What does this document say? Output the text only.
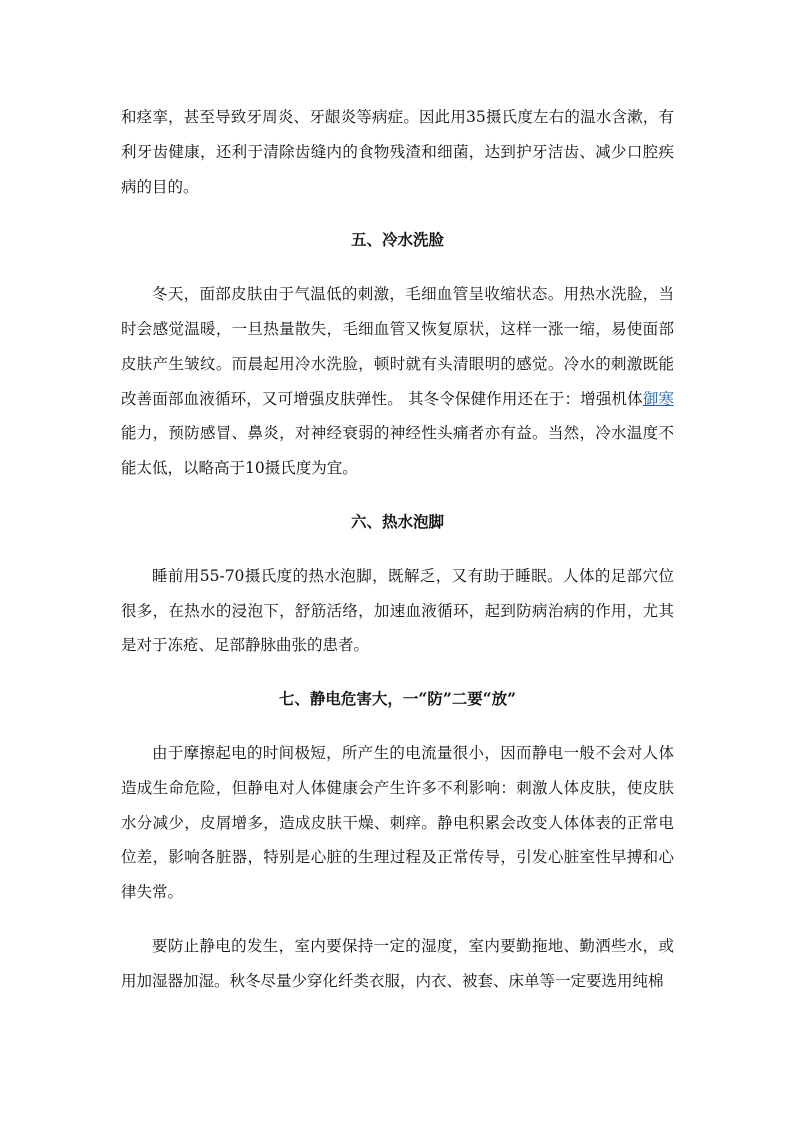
和痉挛，甚至导致牙周炎、牙龈炎等病症。因此用35摄氏度左右的温水含漱，有利牙齿健康，还利于清除齿缝内的食物残渣和细菌，达到护牙洁齿、减少口腔疾病的目的。

五、冷水洗脸

冬天，面部皮肤由于气温低的刺激，毛细血管呈收缩状态。用热水洗脸，当时会感觉温暖，一旦热量散失，毛细血管又恢复原状，这样一涨一缩，易使面部皮肤产生皱纹。而晨起用冷水洗脸，顿时就有头清眼明的感觉。冷水的刺激既能改善面部血液循环，又可增强皮肤弹性。 其冬令保健作用还在于：增强机体御寒能力，预防感冒、鼻炎，对神经衰弱的神经性头痛者亦有益。当然，冷水温度不能太低，以略高于10摄氏度为宜。

六、热水泡脚

睡前用55-70摄氏度的热水泡脚，既解乏，又有助于睡眠。人体的足部穴位很多，在热水的浸泡下，舒筋活络，加速血液循环，起到防病治病的作用，尤其是对于冻疮、足部静脉曲张的患者。

七、静电危害大，一“防”二要“放”

由于摩擦起电的时间极短，所产生的电流量很小，因而静电一般不会对人体造成生命危险，但静电对人体健康会产生许多不利影响：刺激人体皮肤，使皮肤水分减少，皮屑增多，造成皮肤干燥、刺痒。静电积累会改变人体体表的正常电位差，影响各脏器，特别是心脏的生理过程及正常传导，引发心脏室性早搏和心律失常。

要防止静电的发生，室内要保持一定的湿度，室内要勤拖地、勤洒些水，或用加湿器加湿。秋冬尽量少穿化纤类衣服，内衣、被套、床单等一定要选用纯棉
